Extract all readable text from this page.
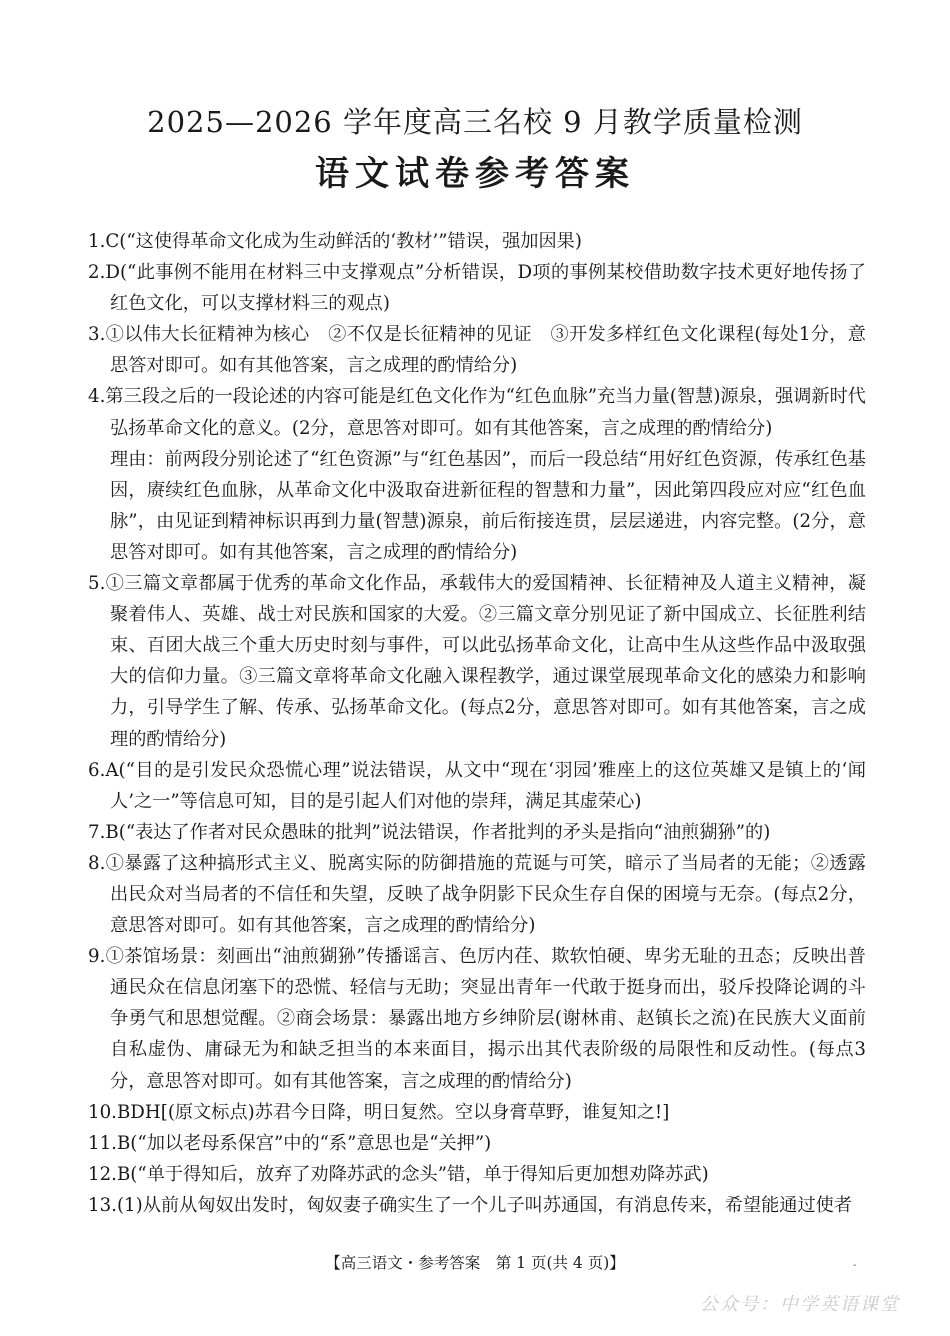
2025—2026 学年度高三名校 9 月教学质量检测
语文试卷参考答案
1.C(“这使得革命文化成为生动鲜活的‘教材’”错误，强加因果)
2.D(“此事例不能用在材料三中支撑观点”分析错误，D项的事例某校借助数字技术更好地传扬了红色文化，可以支撑材料三的观点)
3.①以伟大长征精神为核心　②不仅是长征精神的见证　③开发多样红色文化课程(每处1分，意思答对即可。如有其他答案，言之成理的酌情给分)
4.第三段之后的一段论述的内容可能是红色文化作为“红色血脉”充当力量(智慧)源泉，强调新时代弘扬革命文化的意义。(2分，意思答对即可。如有其他答案，言之成理的酌情给分)
理由：前两段分别论述了“红色资源”与“红色基因”，而后一段总结“用好红色资源，传承红色基因，赓续红色血脉，从革命文化中汲取奋进新征程的智慧和力量”，因此第四段应对应“红色血脉”，由见证到精神标识再到力量(智慧)源泉，前后衔接连贯，层层递进，内容完整。(2分，意思答对即可。如有其他答案，言之成理的酌情给分)
5.①三篇文章都属于优秀的革命文化作品，承载伟大的爱国精神、长征精神及人道主义精神，凝聚着伟人、英雄、战士对民族和国家的大爱。②三篇文章分别见证了新中国成立、长征胜利结束、百团大战三个重大历史时刻与事件，可以此弘扬革命文化，让高中生从这些作品中汲取强大的信仰力量。③三篇文章将革命文化融入课程教学，通过课堂展现革命文化的感染力和影响力，引导学生了解、传承、弘扬革命文化。(每点2分，意思答对即可。如有其他答案，言之成理的酌情给分)
6.A(“目的是引发民众恐慌心理”说法错误，从文中“现在‘羽园’雅座上的这位英雄又是镇上的‘闻人’之一”等信息可知，目的是引起人们对他的崇拜，满足其虚荣心)
7.B(“表达了作者对民众愚昧的批判”说法错误，作者批判的矛头是指向“油煎猢狲”的)
8.①暴露了这种搞形式主义、脱离实际的防御措施的荒诞与可笑，暗示了当局者的无能；②透露出民众对当局者的不信任和失望，反映了战争阴影下民众生存自保的困境与无奈。(每点2分，意思答对即可。如有其他答案，言之成理的酌情给分)
9.①茶馆场景：刻画出“油煎猢狲”传播谣言、色厉内荏、欺软怕硬、卑劣无耻的丑态；反映出普通民众在信息闭塞下的恐慌、轻信与无助；突显出青年一代敢于挺身而出，驳斥投降论调的斗争勇气和思想觉醒。②商会场景：暴露出地方乡绅阶层(谢林甫、赵镇长之流)在民族大义面前自私虚伪、庸碌无为和缺乏担当的本来面目，揭示出其代表阶级的局限性和反动性。(每点3分，意思答对即可。如有其他答案，言之成理的酌情给分)
10.BDH[(原文标点)苏君今日降，明日复然。空以身膏草野，谁复知之!]
11.B(“加以老母系保宫”中的“系”意思也是“关押”)
12.B(“单于得知后，放弃了劝降苏武的念头”错，单于得知后更加想劝降苏武)
13.(1)从前从匈奴出发时，匈奴妻子确实生了一个儿子叫苏通国，有消息传来，希望能通过使者
【高三语文・参考答案　第 1 页(共 4 页)】	-
公众号：中学英语课堂
